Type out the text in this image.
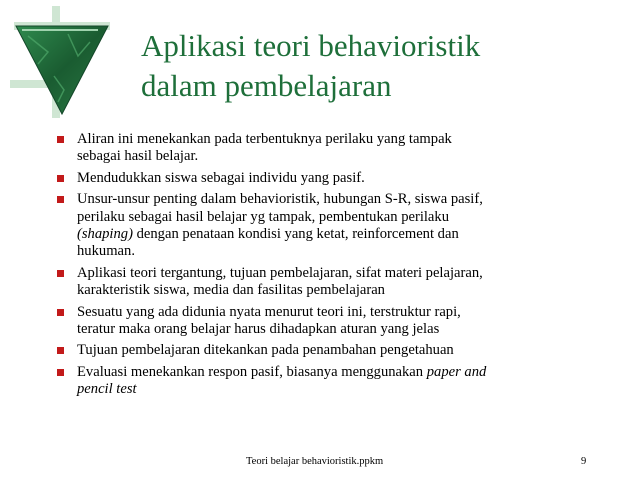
Aplikasi teori behavioristik
dalam pembelajaran
Aliran ini menekankan pada terbentuknya perilaku yang tampak
sebagai hasil belajar.
Mendudukkan siswa sebagai individu yang pasif.
Unsur-unsur penting dalam behavioristik, hubungan S-R, siswa pasif,
perilaku sebagai hasil belajar yg tampak, pembentukan perilaku
(shaping) dengan penataan kondisi yang ketat, reinforcement dan
hukuman.
Aplikasi teori tergantung, tujuan pembelajaran, sifat materi pelajaran,
karakteristik siswa, media dan fasilitas pembelajaran
Sesuatu yang ada didunia nyata menurut teori ini, terstruktur rapi,
teratur maka orang belajar harus dihadapkan aturan yang jelas
Tujuan pembelajaran ditekankan pada penambahan pengetahuan
Evaluasi menekankan respon pasif, biasanya menggunakan paper and
pencil test
Teori belajar behavioristik.ppkm	9
